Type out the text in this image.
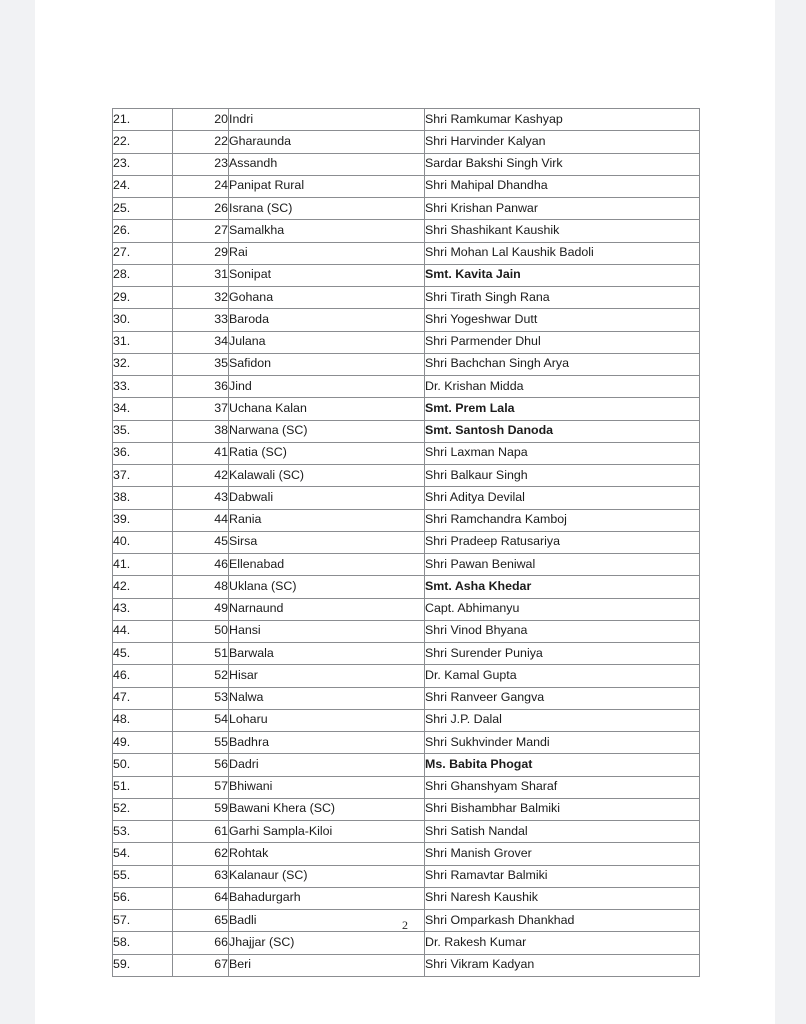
21.	20	Indri	Shri Ramkumar Kashyap
22.	22	Gharaunda	Shri Harvinder Kalyan
23.	23	Assandh	Sardar Bakshi Singh Virk
24.	24	Panipat Rural	Shri Mahipal Dhandha
25.	26	Israna (SC)	Shri Krishan Panwar
26.	27	Samalkha	Shri Shashikant Kaushik
27.	29	Rai	Shri Mohan Lal Kaushik Badoli
28.	31	Sonipat	Smt. Kavita Jain
29.	32	Gohana	Shri Tirath Singh Rana
30.	33	Baroda	Shri Yogeshwar Dutt
31.	34	Julana	Shri Parmender Dhul
32.	35	Safidon	Shri Bachchan Singh Arya
33.	36	Jind	Dr. Krishan Midda
34.	37	Uchana Kalan	Smt. Prem Lala
35.	38	Narwana (SC)	Smt. Santosh Danoda
36.	41	Ratia (SC)	Shri Laxman Napa
37.	42	Kalawali (SC)	Shri Balkaur Singh
38.	43	Dabwali	Shri Aditya Devilal
39.	44	Rania	Shri Ramchandra Kamboj
40.	45	Sirsa	Shri Pradeep Ratusariya
41.	46	Ellenabad	Shri Pawan Beniwal
42.	48	Uklana (SC)	Smt. Asha Khedar
43.	49	Narnaund	Capt. Abhimanyu
44.	50	Hansi	Shri Vinod Bhyana
45.	51	Barwala	Shri Surender Puniya
46.	52	Hisar	Dr. Kamal Gupta
47.	53	Nalwa	Shri Ranveer Gangva
48.	54	Loharu	Shri J.P. Dalal
49.	55	Badhra	Shri Sukhvinder Mandi
50.	56	Dadri	Ms. Babita Phogat
51.	57	Bhiwani	Shri Ghanshyam Sharaf
52.	59	Bawani Khera (SC)	Shri Bishambhar Balmiki
53.	61	Garhi Sampla-Kiloi	Shri Satish Nandal
54.	62	Rohtak	Shri Manish Grover
55.	63	Kalanaur (SC)	Shri Ramavtar Balmiki
56.	64	Bahadurgarh	Shri Naresh Kaushik
57.	65	Badli	Shri Omparkash Dhankhad
58.	66	Jhajjar (SC)	Dr. Rakesh Kumar
59.	67	Beri	Shri Vikram Kadyan
2
